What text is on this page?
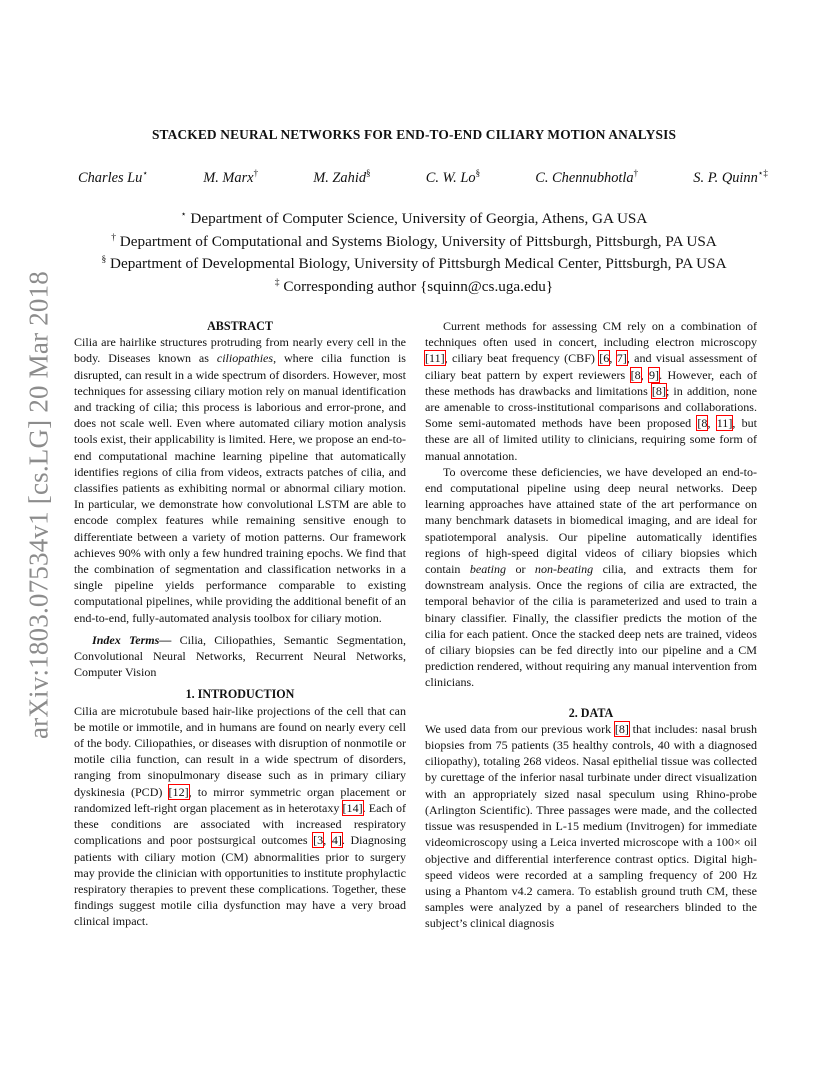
arXiv:1803.07534v1 [cs.LG] 20 Mar 2018
STACKED NEURAL NETWORKS FOR END-TO-END CILIARY MOTION ANALYSIS
Charles Lu⋆	M. Marx†	M. Zahid§	C. W. Lo§	C. Chennubhotla†	S. P. Quinn⋆‡
⋆ Department of Computer Science, University of Georgia, Athens, GA USA
† Department of Computational and Systems Biology, University of Pittsburgh, Pittsburgh, PA USA
§ Department of Developmental Biology, University of Pittsburgh Medical Center, Pittsburgh, PA USA
‡ Corresponding author {squinn@cs.uga.edu}

ABSTRACT

Cilia are hairlike structures protruding from nearly every cell in the body. Diseases known as ciliopathies, where cilia function is disrupted, can result in a wide spectrum of disorders. However, most techniques for assessing ciliary motion rely on manual identification and tracking of cilia; this process is laborious and error-prone, and does not scale well. Even where automated ciliary motion analysis tools exist, their applicability is limited. Here, we propose an end-to-end computational machine learning pipeline that automatically identifies regions of cilia from videos, extracts patches of cilia, and classifies patients as exhibiting normal or abnormal ciliary motion. In particular, we demonstrate how convolutional LSTM are able to encode complex features while remaining sensitive enough to differentiate between a variety of motion patterns. Our framework achieves 90% with only a few hundred training epochs. We find that the combination of segmentation and classification networks in a single pipeline yields performance comparable to existing computational pipelines, while providing the additional benefit of an end-to-end, fully-automated analysis toolbox for ciliary motion.

Index Terms— Cilia, Ciliopathies, Semantic Segmentation, Convolutional Neural Networks, Recurrent Neural Networks, Computer Vision

1. INTRODUCTION

Cilia are microtubule based hair-like projections of the cell that can be motile or immotile, and in humans are found on nearly every cell of the body. Ciliopathies, or diseases with disruption of nonmotile or motile cilia function, can result in a wide spectrum of disorders, ranging from sinopulmonary disease such as in primary ciliary dyskinesia (PCD) [12], to mirror symmetric organ placement or randomized left-right organ placement as in heterotaxy [14]. Each of these conditions are associated with increased respiratory complications and poor postsurgical outcomes [3, 4]. Diagnosing patients with ciliary motion (CM) abnormalities prior to surgery may provide the clinician with opportunities to institute prophylactic respiratory therapies to prevent these complications. Together, these findings suggest motile cilia dysfunction may have a very broad clinical impact.

Current methods for assessing CM rely on a combination of techniques often used in concert, including electron microscopy [11], ciliary beat frequency (CBF) [6, 7], and visual assessment of ciliary beat pattern by expert reviewers [8, 9]. However, each of these methods has drawbacks and limitations [8]; in addition, none are amenable to cross-institutional comparisons and collaborations. Some semi-automated methods have been proposed [8, 11], but these are all of limited utility to clinicians, requiring some form of manual annotation.

To overcome these deficiencies, we have developed an end-to-end computational pipeline using deep neural networks. Deep learning approaches have attained state of the art performance on many benchmark datasets in biomedical imaging, and are ideal for spatiotemporal analysis. Our pipeline automatically identifies regions of high-speed digital videos of ciliary biopsies which contain beating or non-beating cilia, and extracts them for downstream analysis. Once the regions of cilia are extracted, the temporal behavior of the cilia is parameterized and used to train a binary classifier. Finally, the classifier predicts the motion of the cilia for each patient. Once the stacked deep nets are trained, videos of ciliary biopsies can be fed directly into our pipeline and a CM prediction rendered, without requiring any manual intervention from clinicians.

2. DATA

We used data from our previous work [8] that includes: nasal brush biopsies from 75 patients (35 healthy controls, 40 with a diagnosed ciliopathy), totaling 268 videos. Nasal epithelial tissue was collected by curettage of the inferior nasal turbinate under direct visualization with an appropriately sized nasal speculum using Rhino-probe (Arlington Scientific). Three passages were made, and the collected tissue was resuspended in L-15 medium (Invitrogen) for immediate videomicroscopy using a Leica inverted microscope with a 100× oil objective and differential interference contrast optics. Digital high-speed videos were recorded at a sampling frequency of 200 Hz using a Phantom v4.2 camera. To establish ground truth CM, these samples were analyzed by a panel of researchers blinded to the subject’s clinical diagnosis
